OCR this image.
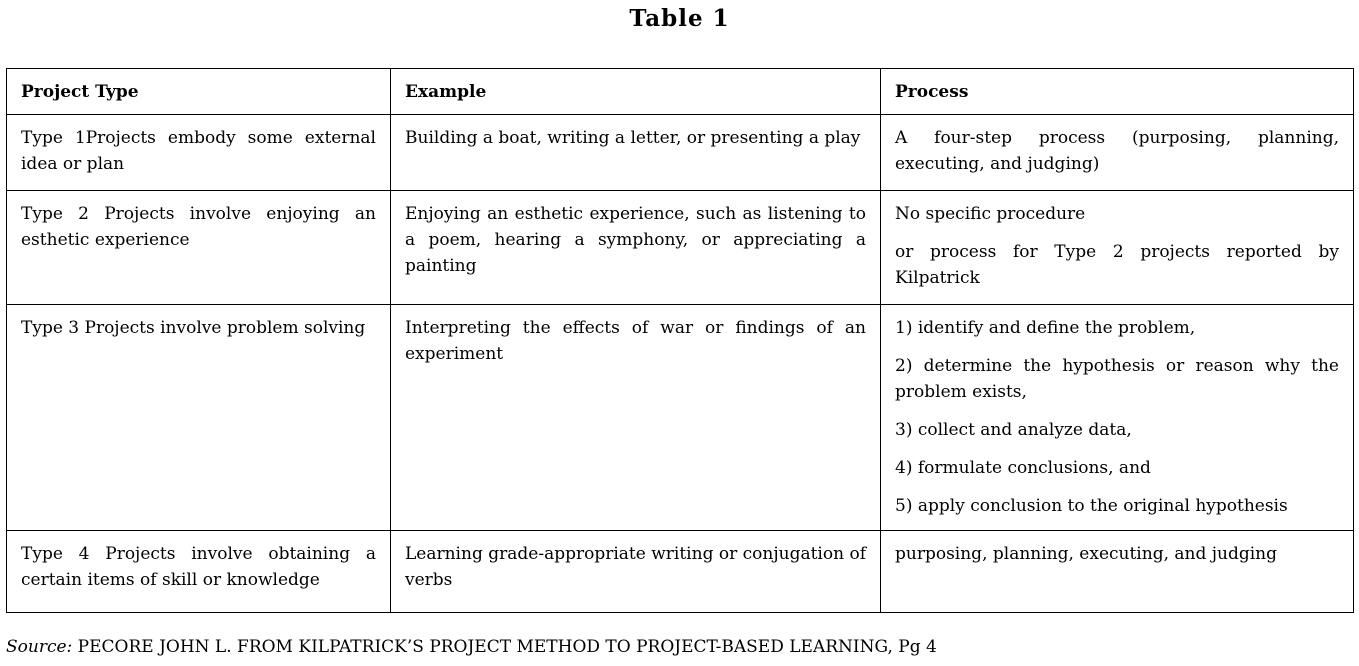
Table 1
Project Type	Example	Process
Type 1Projects embody some external idea or plan	Building a boat, writing a letter, or presenting a play	A four-step process (purposing, planning, executing, and judging)

Type 2 Projects involve enjoying an esthetic experience	Enjoying an esthetic experience, such as listening to a poem, hearing a symphony, or appreciating a painting	No specific procedure

or process for Type 2 projects reported by Kilpatrick

Type 3 Projects involve problem solving	Interpreting the effects of war or findings of an experiment	1) identify and define the problem,

2) determine the hypothesis or reason why the problem exists,

3) collect and analyze data,

4) formulate conclusions, and

5) apply conclusion to the original hypothesis

Type 4 Projects involve obtaining a certain items of skill or knowledge	Learning grade-appropriate writing or conjugation of verbs	purposing, planning, executing, and judging

Source: PECORE JOHN L. FROM KILPATRICK’S PROJECT METHOD TO PROJECT-BASED LEARNING, Pg 4
